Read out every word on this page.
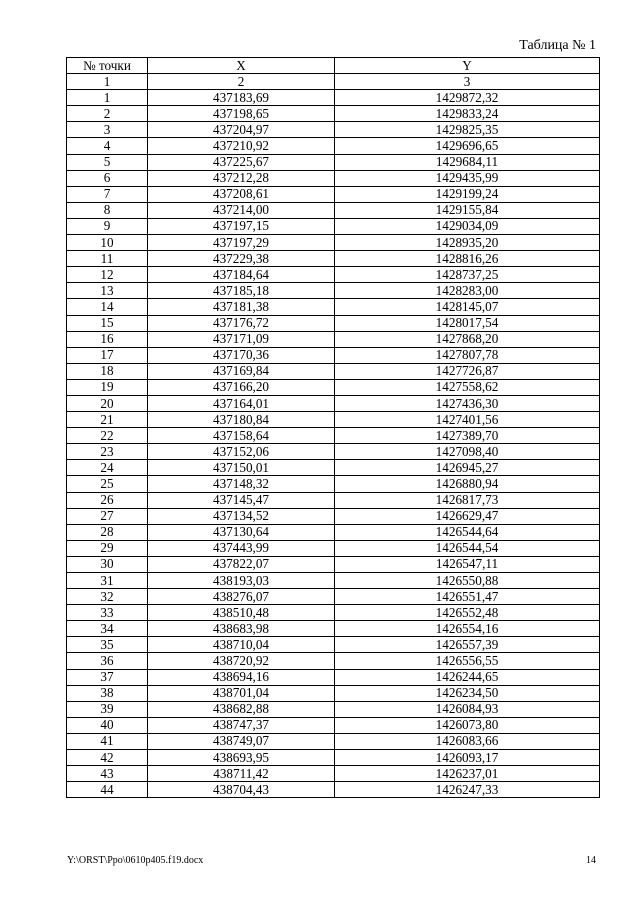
Таблица № 1
№ точки	X	Y
1	2	3
1	437183,69	1429872,32
2	437198,65	1429833,24
3	437204,97	1429825,35
4	437210,92	1429696,65
5	437225,67	1429684,11
6	437212,28	1429435,99
7	437208,61	1429199,24
8	437214,00	1429155,84
9	437197,15	1429034,09
10	437197,29	1428935,20
11	437229,38	1428816,26
12	437184,64	1428737,25
13	437185,18	1428283,00
14	437181,38	1428145,07
15	437176,72	1428017,54
16	437171,09	1427868,20
17	437170,36	1427807,78
18	437169,84	1427726,87
19	437166,20	1427558,62
20	437164,01	1427436,30
21	437180,84	1427401,56
22	437158,64	1427389,70
23	437152,06	1427098,40
24	437150,01	1426945,27
25	437148,32	1426880,94
26	437145,47	1426817,73
27	437134,52	1426629,47
28	437130,64	1426544,64
29	437443,99	1426544,54
30	437822,07	1426547,11
31	438193,03	1426550,88
32	438276,07	1426551,47
33	438510,48	1426552,48
34	438683,98	1426554,16
35	438710,04	1426557,39
36	438720,92	1426556,55
37	438694,16	1426244,65
38	438701,04	1426234,50
39	438682,88	1426084,93
40	438747,37	1426073,80
41	438749,07	1426083,66
42	438693,95	1426093,17
43	438711,42	1426237,01
44	438704,43	1426247,33
Y:\ORST\Ppo\0610p405.f19.docx	14
